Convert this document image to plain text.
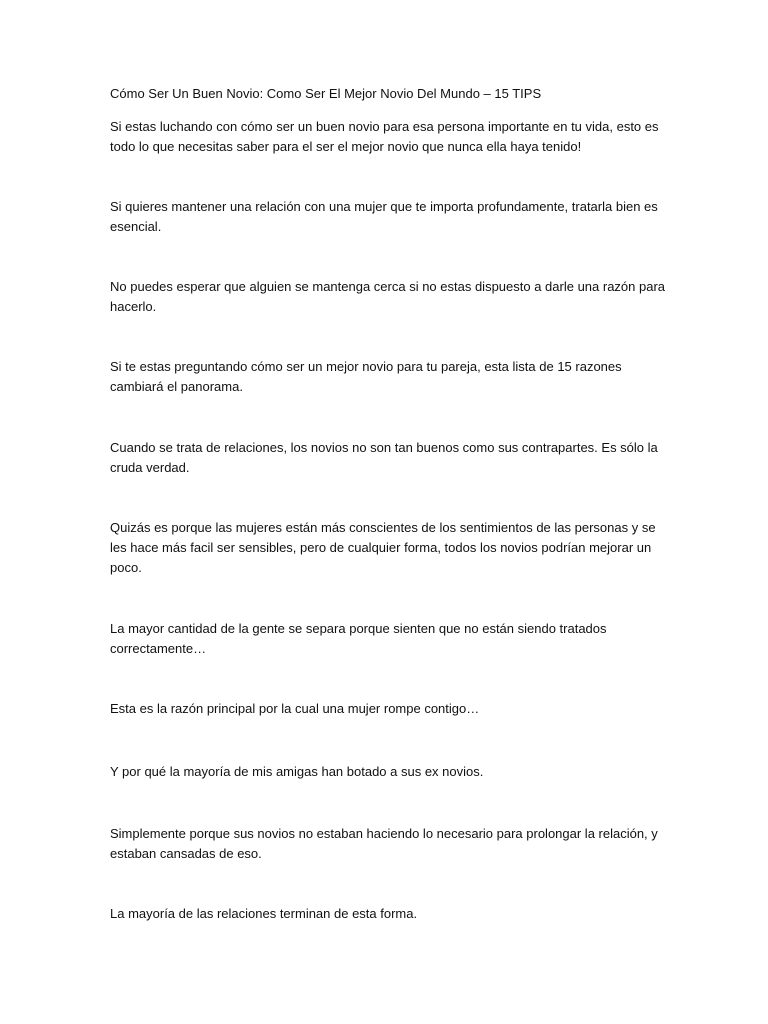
Cómo Ser Un Buen Novio: Como Ser El Mejor Novio Del Mundo – 15 TIPS

Si estas luchando con cómo ser un buen novio para esa persona importante en tu vida, esto es todo lo que necesitas saber para el ser el mejor novio que nunca ella haya tenido!

Si quieres mantener una relación con una mujer que te importa profundamente, tratarla bien es esencial.

No puedes esperar que alguien se mantenga cerca si no estas dispuesto a darle una razón para hacerlo.

Si te estas preguntando cómo ser un mejor novio para tu pareja, esta lista de 15 razones cambiará el panorama.

Cuando se trata de relaciones, los novios no son tan buenos como sus contrapartes. Es sólo la cruda verdad.

Quizás es porque las mujeres están más conscientes de los sentimientos de las personas y se les hace más facil ser sensibles, pero de cualquier forma, todos los novios podrían mejorar un poco.

La mayor cantidad de la gente se separa porque sienten que no están siendo tratados correctamente…

Esta es la razón principal por la cual una mujer rompe contigo…

Y por qué la mayoría de mis amigas han botado a sus ex novios.

Simplemente porque sus novios no estaban haciendo lo necesario para prolongar la relación, y estaban cansadas de eso.

La mayoría de las relaciones terminan de esta forma.
